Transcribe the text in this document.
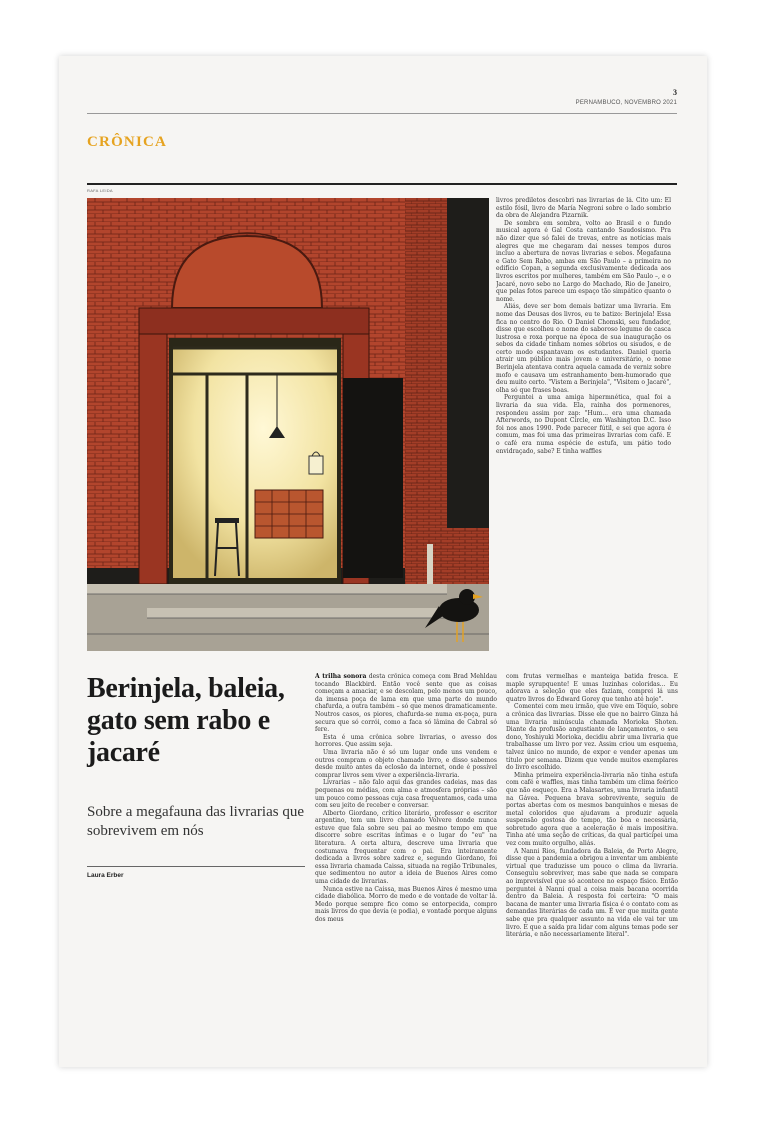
3
PERNAMBUCO, NOVEMBRO 2021
CRÔNICA
RAFA LEIDA

livros prediletos descobri nas livrarias de lá. Cito um: El estilo fósil, livro de María Negroni sobre o lado sombrio da obra de Alejandra Pizarnik.

De sombra em sombra, volto ao Brasil e o fundo musical agora é Gal Costa cantando Saudosismo. Pra não dizer que só falei de trevas, entre as notícias mais alegres que me chegaram dai nesses tempos duros incluo a abertura de novas livrarias e sebos. Megafauna e Gato Sem Rabo, ambas em São Paulo – a primeira no edifício Copan, a segunda exclusivamente dedicada aos livros escritos por mulheres, também em São Paulo –, e o Jacaré, novo sebo no Largo do Machado, Rio de Janeiro, que pelas fotos parece um espaço tão simpático quanto o nome.

Aliás, deve ser bom demais batizar uma livraria. Em nome das Deusas dos livros, eu te batizo: Berinjela! Essa fica no centro do Rio. O Daniel Chomski, seu fundador, disse que escolheu o nome do saboroso legume de casca lustrosa e roxa porque na época de sua inauguração os sebos da cidade tinham nomes sóbrios ou sisudos, e de certo modo espantavam os estudantes. Daniel queria atrair um público mais jovem e universitário, o nome Berinjela atentava contra aquela camada de verniz sobre mofo e causava um estranhamento bem-humorado que deu muito certo. "Vistem a Berinjela", "Visitem o Jacaré", olha só que frases boas.

Perguntei a uma amiga hipermnética, qual foi a livraria da sua vida. Ela, rainha dos pormenores, respondeu assim por zap: "Hum... era uma chamada Afterwords, no Dupont Circle, em Washington D.C. Isso foi nos anos 1990. Pode parecer fútil, e sei que agora é comum, mas foi uma das primeiras livrarias com café. E o café era numa espécie de estufa, um pátio todo envidraçado, sabe? E tinha waffles

Berinjela, baleia, gato sem rabo e jacaré
Sobre a megafauna das livrarias que sobrevivem em nós
Laura Erber

A trilha sonora desta crônica começa com Brad Mehldau tocando Blackbird. Então você sente que as coisas começam a amaciar, e se descolam, pelo menos um pouco, da imensa poça de lama em que uma parte do mundo chafurda, a outra também – só que menos dramaticamente. Noutros casos, os piores, chafurda-se numa ex-poça, pura secura que só corrói, como a faca só lâmina de Cabral só fere.

Esta é uma crônica sobre livrarias, o avesso dos horrores. Que assim seja.

Uma livraria não é só um lugar onde uns vendem e outros compram o objeto chamado livro, e disso sabemos desde muito antes da eclosão da internet, onde é possível comprar livros sem viver a experiência-livraria.

Livrarias – não falo aqui das grandes cadeias, mas das pequenas ou médias, com alma e atmosfera próprias – são um pouco como pessoas cuja casa frequentamos, cada uma com seu jeito de receber e conversar.

Alberto Giordano, crítico literário, professor e escritor argentino, tem um livro chamado Volvere donde nunca estuve que fala sobre seu pai ao mesmo tempo em que discorre sobre escritas íntimas e o lugar do "eu" na literatura. A certa altura, descreve uma livraria que costumava frequentar com o pai. Era inteiramente dedicada a livros sobre xadrez e, segundo Giordano, foi essa livraria chamada Caissa, situada na região Tribunales, que sedimentou no autor a ideia de Buenos Aires como uma cidade de livrarias.

Nunca estive na Caissa, mas Buenos Aires é mesmo uma cidade diabólica. Morro de medo e de vontade de voltar lá. Medo porque sempre fico como se entorpecida, compro mais livros do que devia (e podia), e vontade porque alguns dos meus

com frutas vermelhas e manteiga batida fresca. E maple syrupquente! E umas luzinhas coloridas... Eu adorava a seleção que eles faziam, comprei lá uns quatro livros do Edward Gorey que tenho até hoje".

Comentei com meu irmão, que vive em Tóquio, sobre a crônica das livrarias. Disse ele que no bairro Ginza há uma livraria minúscula chamada Morioka Shoten. Diante da profusão angustiante de lançamentos, o seu dono, Yoshiyuki Morioka, decidiu abrir uma livraria que trabalhasse um livro por vez. Assim criou um esquema, talvez único no mundo, de expor e vender apenas um título por semana. Dizem que vende muitos exemplares do livro escolhido.

Minha primeira experiência-livraria não tinha estufa com café e waffles, mas tinha também um clima feérico que não esqueço. Era a Malasartes, uma livraria infantil na Gávea. Pequena brava sobrevivente, seguiu de portas abertas com os mesmos banquinhos e mesas de metal coloridos que ajudavam a produzir aquela suspensão gostosa do tempo, tão boa e necessária, sobretudo agora que a aceleração é mais impositiva. Tinha até uma seção de críticas, da qual participei uma vez com muito orgulho, aliás.

A Nanni Rios, fundadora da Baleia, de Porto Alegre, disse que a pandemia a obrigou a inventar um ambiente virtual que traduzisse um pouco o clima da livraria. Conseguiu sobreviver, mas sabe que nada se compara ao imprevisível que só acontece no espaço físico. Então perguntei à Nanni qual a coisa mais bacana ocorrida dentro da Baleia. A resposta foi certeira: "O mais bacana de manter uma livraria física é o contato com as demandas literárias de cada um. É ver que muita gente sabe que pra qualquer assunto na vida ele vai ter um livro. E que a saída pra lidar com alguns temas pode ser literária, e não necessariamente literal".
